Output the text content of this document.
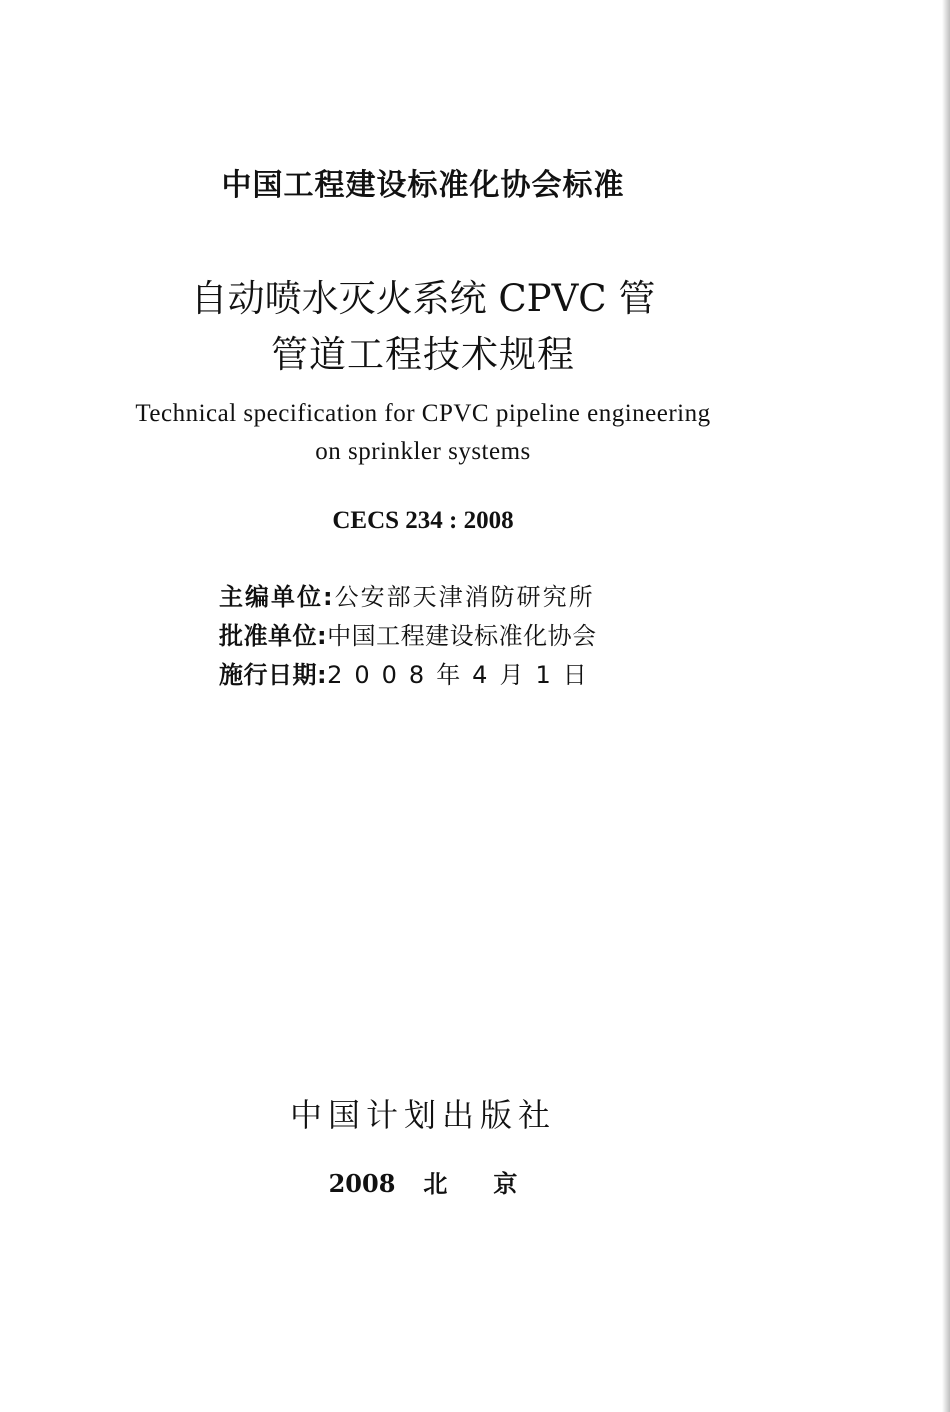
中国工程建设标准化协会标准
自动喷水灭火系统 CPVC 管
管道工程技术规程
Technical specification for CPVC pipeline engineering
on sprinkler systems
CECS 234 : 2008
主编单位:公安部天津消防研究所
批准单位:中国工程建设标准化协会
施行日期:2008年4月1日
中国计划出版社
2008 北 京
